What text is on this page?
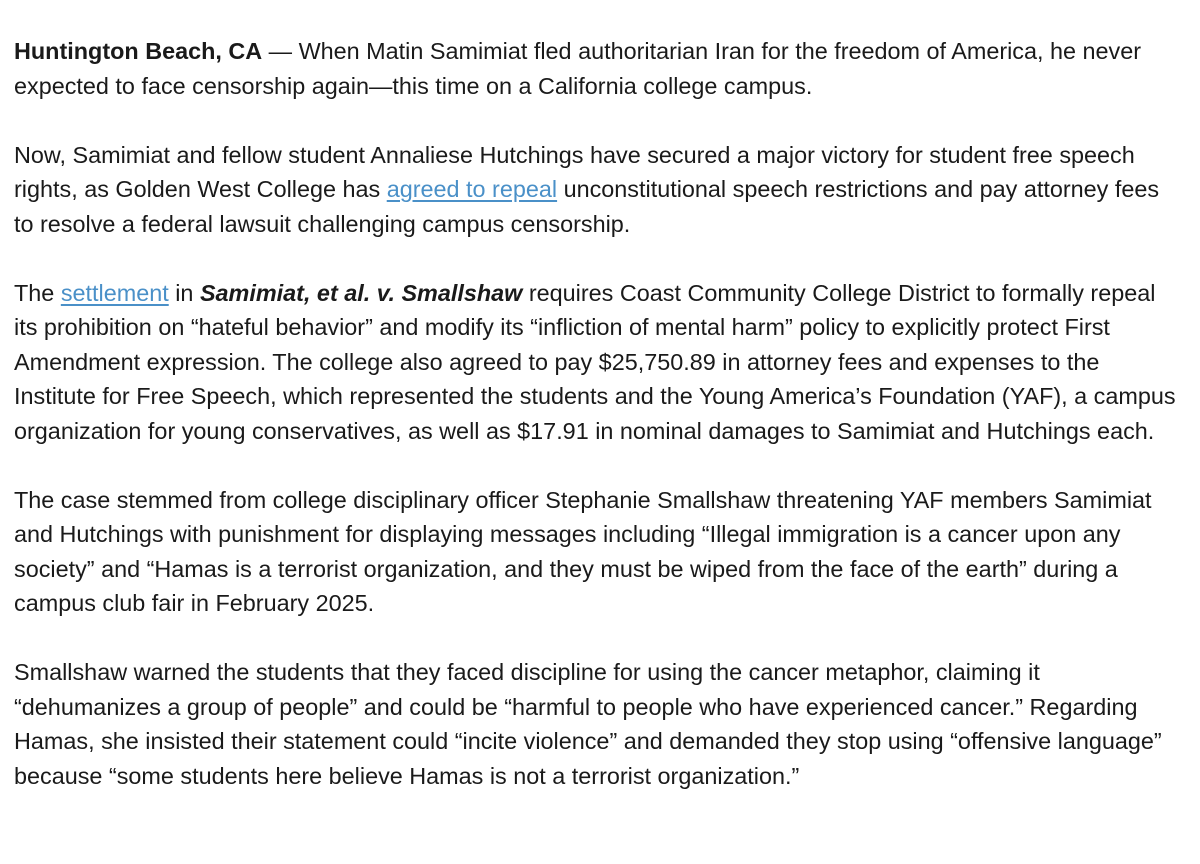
Huntington Beach, CA — When Matin Samimiat fled authoritarian Iran for the freedom of America, he never expected to face censorship again—this time on a California college campus.

Now, Samimiat and fellow student Annaliese Hutchings have secured a major victory for student free speech rights, as Golden West College has agreed to repeal unconstitutional speech restrictions and pay attorney fees to resolve a federal lawsuit challenging campus censorship.

The settlement in Samimiat, et al. v. Smallshaw requires Coast Community College District to formally repeal its prohibition on “hateful behavior” and modify its “infliction of mental harm” policy to explicitly protect First Amendment expression. The college also agreed to pay $25,750.89 in attorney fees and expenses to the Institute for Free Speech, which represented the students and the Young America’s Foundation (YAF), a campus organization for young conservatives, as well as $17.91 in nominal damages to Samimiat and Hutchings each.

The case stemmed from college disciplinary officer Stephanie Smallshaw threatening YAF members Samimiat and Hutchings with punishment for displaying messages including “Illegal immigration is a cancer upon any society” and “Hamas is a terrorist organization, and they must be wiped from the face of the earth” during a campus club fair in February 2025.

Smallshaw warned the students that they faced discipline for using the cancer metaphor, claiming it “dehumanizes a group of people” and could be “harmful to people who have experienced cancer.” Regarding Hamas, she insisted their statement could “incite violence” and demanded they stop using “offensive language” because “some students here believe Hamas is not a terrorist organization.”
